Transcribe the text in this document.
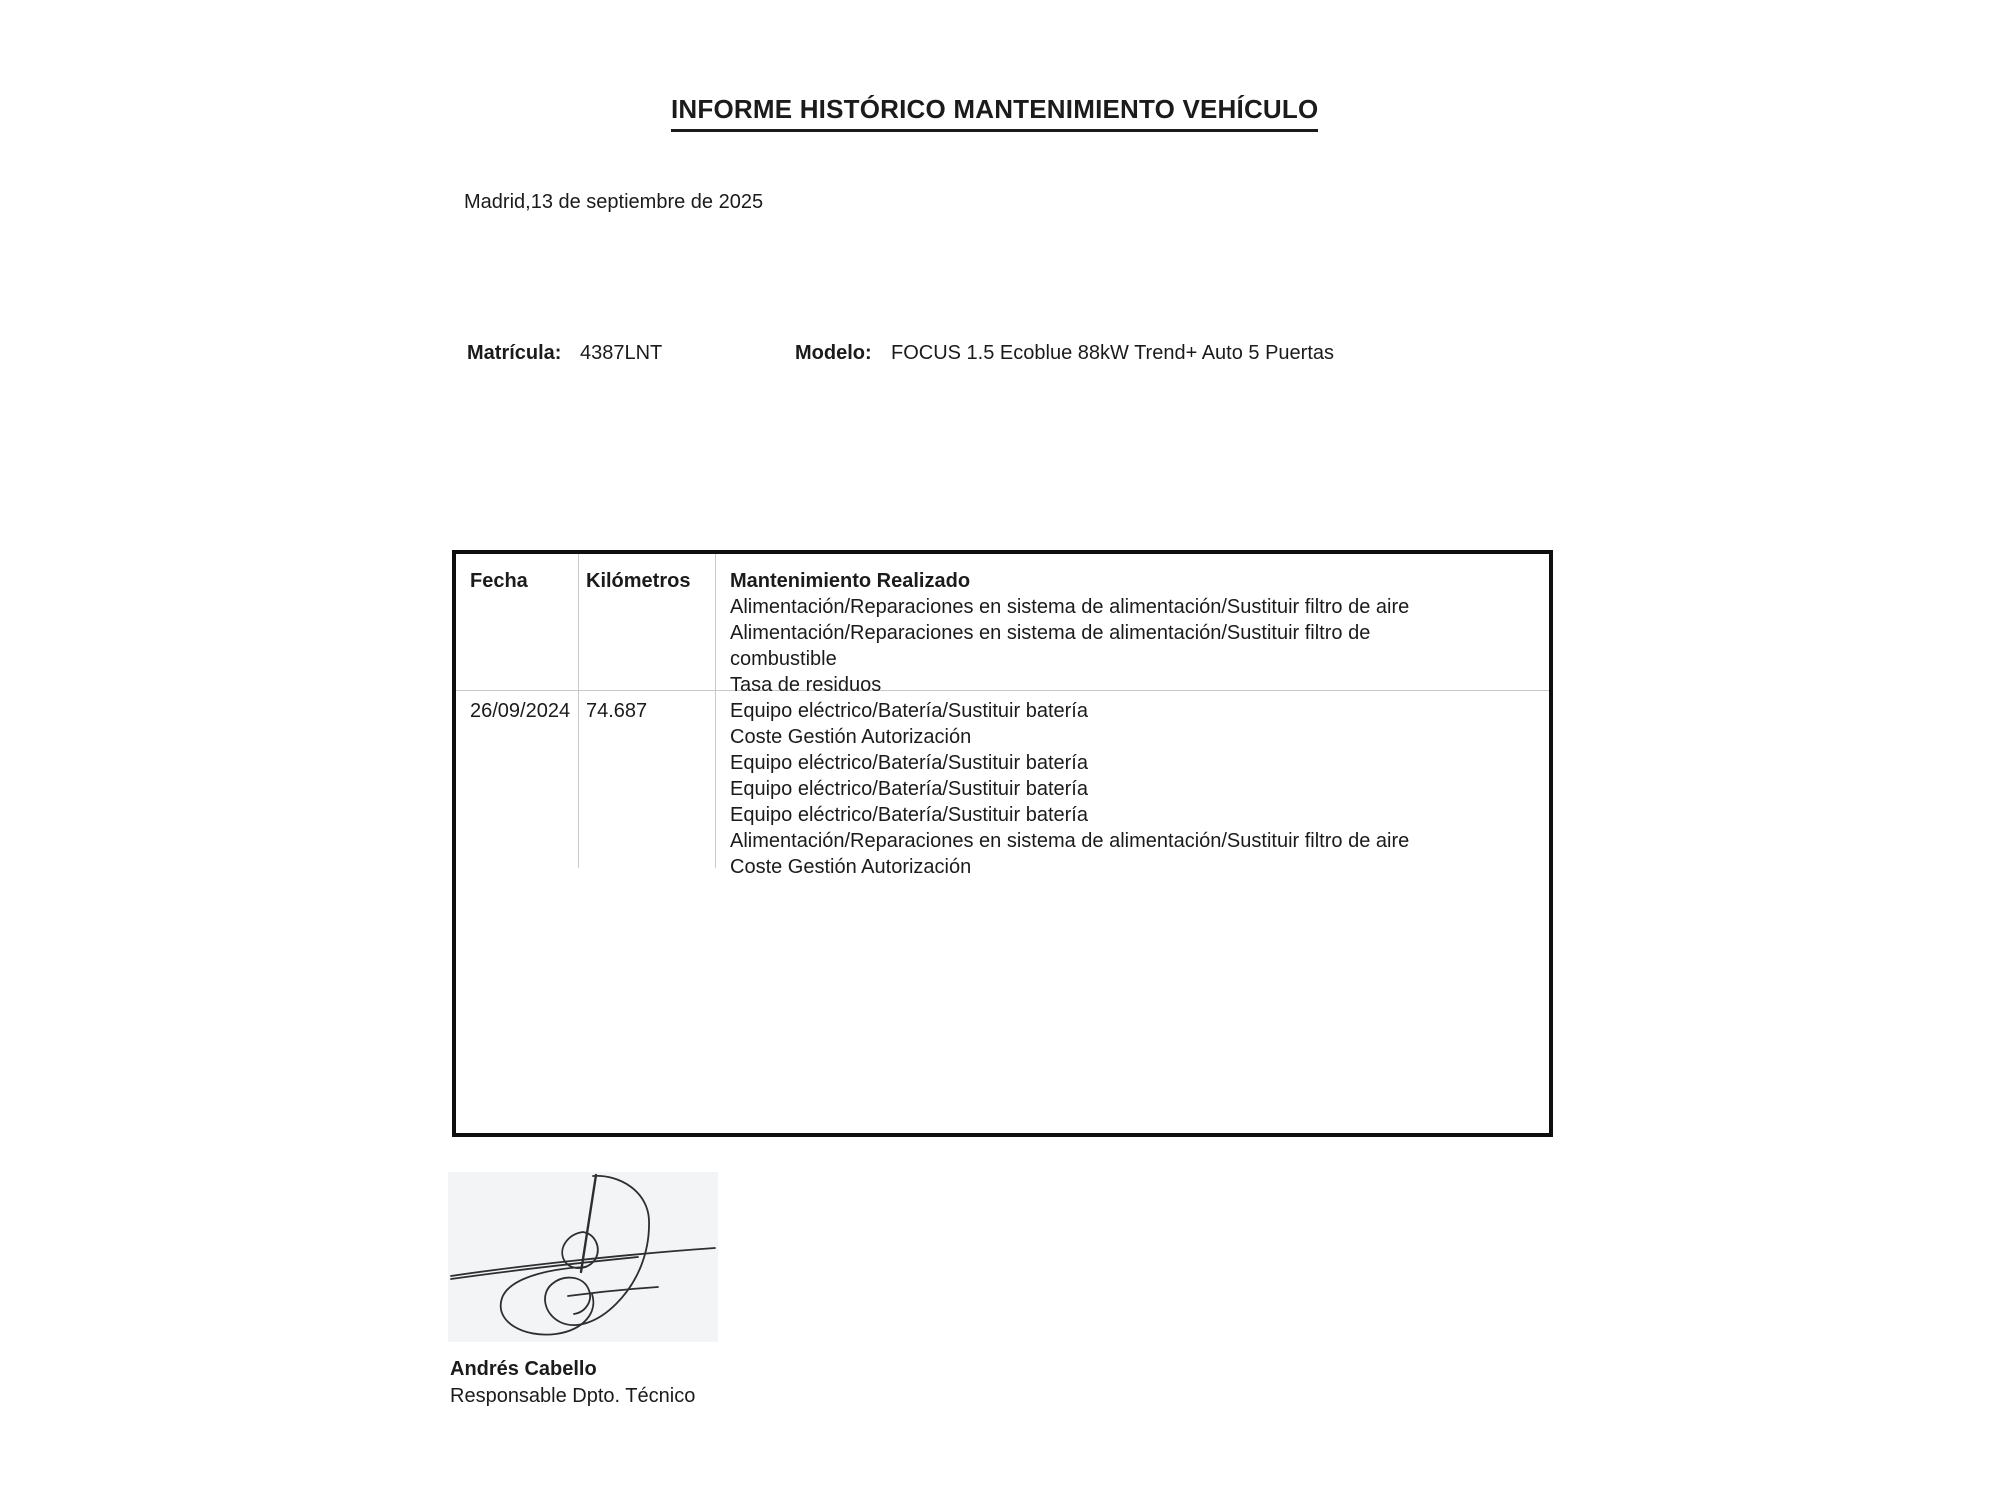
INFORME HISTÓRICO MANTENIMIENTO VEHÍCULO
Madrid,13 de septiembre de 2025
Matrícula: 4387LNT	Modelo: FOCUS 1.5 Ecoblue 88kW Trend+ Auto 5 Puertas
Fecha	Kilómetros Mantenimiento Realizado
Alimentación/Reparaciones en sistema de alimentación/Sustituir filtro de aire
Alimentación/Reparaciones en sistema de alimentación/Sustituir filtro de
combustible
Tasa de residuos
26/09/2024 74.687	Equipo eléctrico/Batería/Sustituir batería
Coste Gestión Autorización
Equipo eléctrico/Batería/Sustituir batería
Equipo eléctrico/Batería/Sustituir batería
Equipo eléctrico/Batería/Sustituir batería
Alimentación/Reparaciones en sistema de alimentación/Sustituir filtro de aire
Coste Gestión Autorización
Andrés Cabello
Responsable Dpto. Técnico
